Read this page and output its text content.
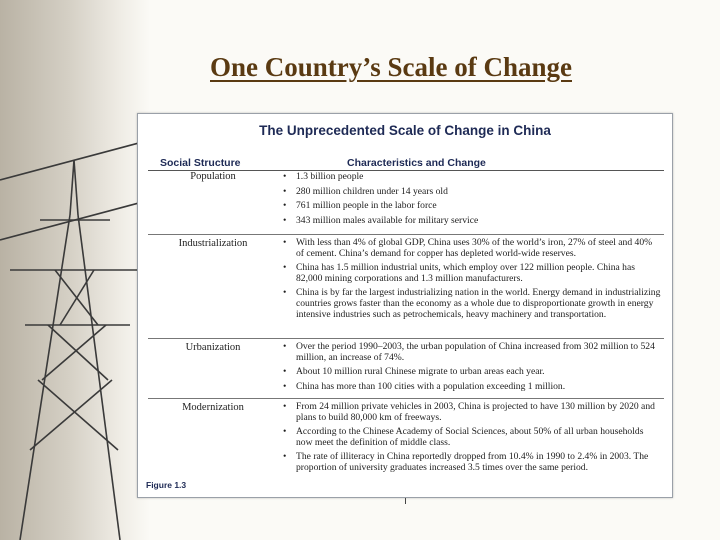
One Country’s Scale of Change
The Unprecedented Scale of Change in China
Social Structure	Characteristics and Change
Population	• 1.3 billion people
• 280 million children under 14 years old
• 761 million people in the labor force
• 343 million males available for military service
Industrialization	• With less than 4% of global GDP, China uses 30% of the world’s iron, 27% of steel and 40% of cement. China’s demand for copper has depleted world-wide reserves.
• China has 1.5 million industrial units, which employ over 122 million people. China has 82,000 mining corporations and 1.3 million manufacturers.
• China is by far the largest industrializing nation in the world. Energy demand in industrializing countries grows faster than the economy as a whole due to disproportionate growth in energy intensive industries such as petrochemicals, heavy machinery and transportation.
Urbanization	• Over the period 1990–2003, the urban population of China increased from 302 million to 524 million, an increase of 74%.
• About 10 million rural Chinese migrate to urban areas each year.
• China has more than 100 cities with a population exceeding 1 million.
Modernization	• From 24 million private vehicles in 2003, China is projected to have 130 million by 2020 and plans to build 80,000 km of freeways.
• According to the Chinese Academy of Social Sciences, about 50% of all urban households now meet the definition of middle class.
• The rate of illiteracy in China reportedly dropped from 10.4% in 1990 to 2.4% in 2003. The proportion of university graduates increased 3.5 times over the same period.
Figure 1.3
